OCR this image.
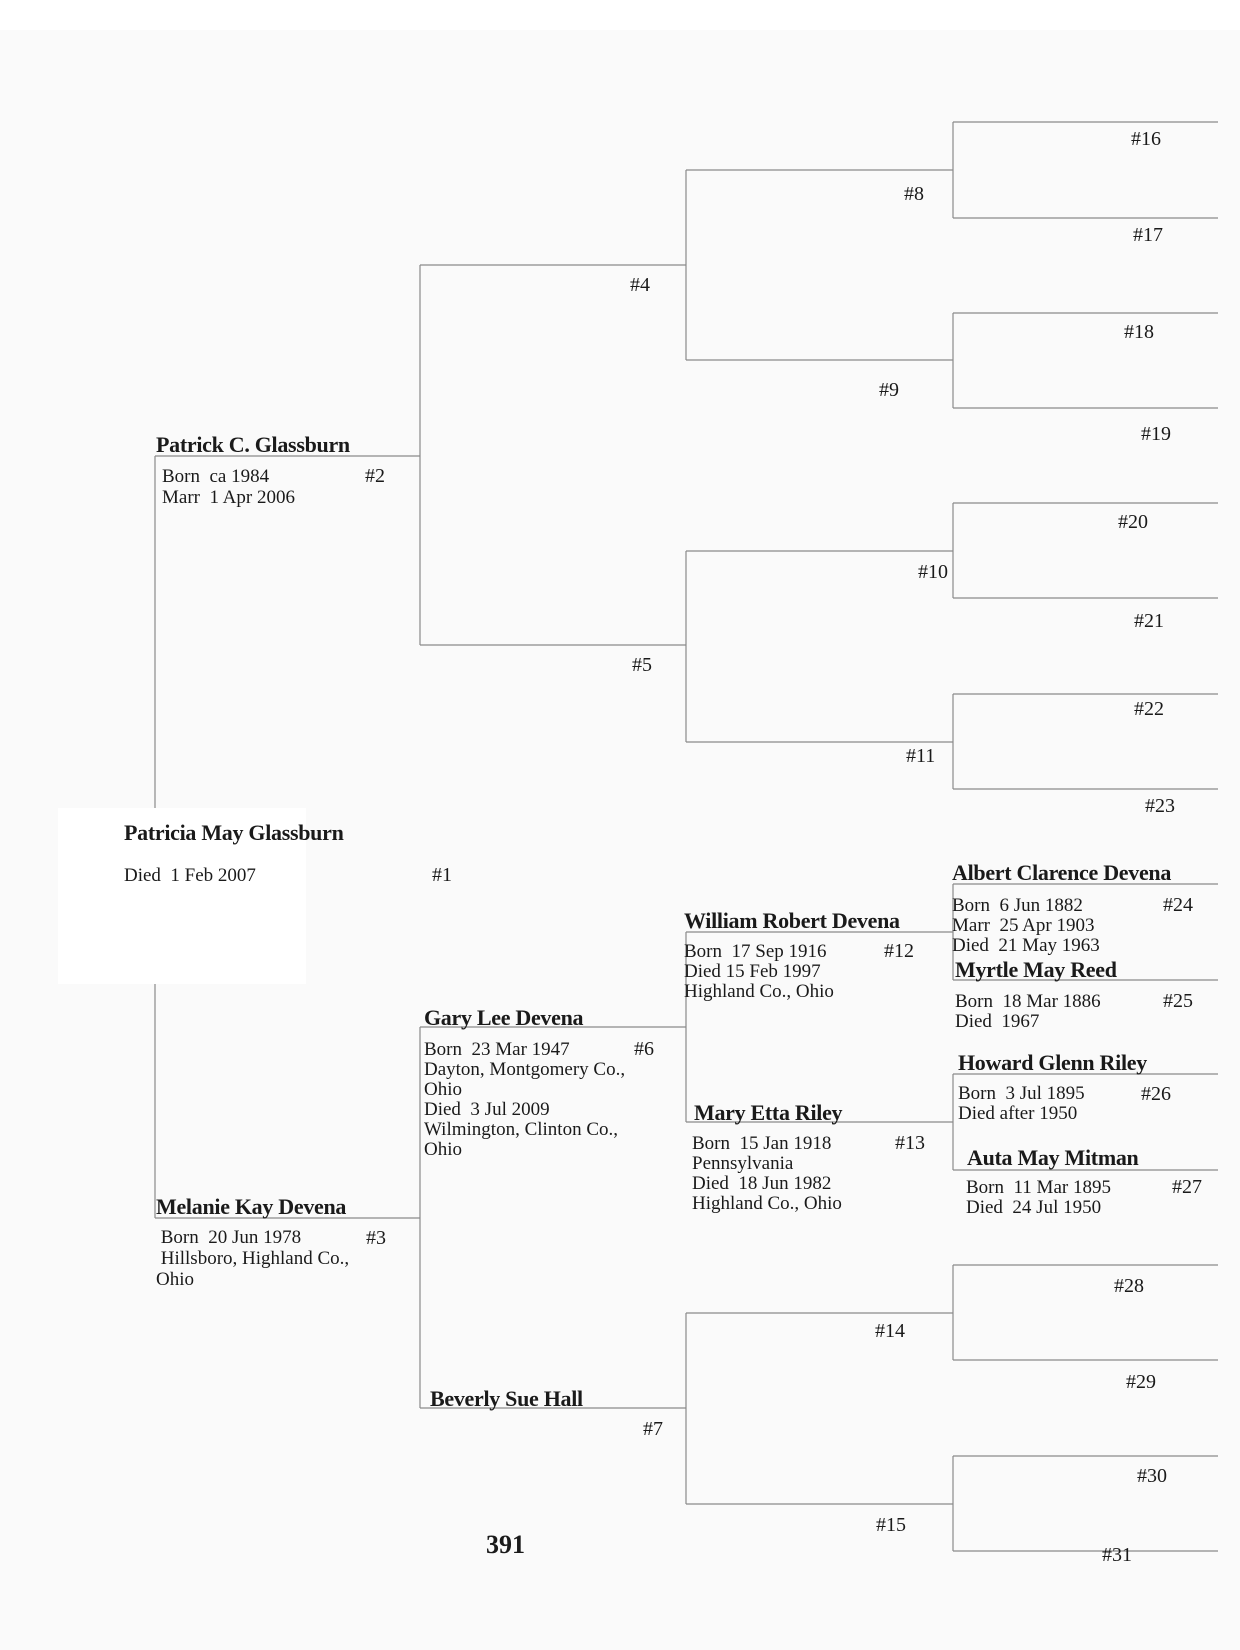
Patricia May Glassburn
Died  1 Feb 2007	#1
Patrick C. Glassburn
Born  ca 1984
Marr  1 Apr 2006
#2
Melanie Kay Devena
Born  20 Jun 1978
Hillsboro, Highland Co.,
Ohio
#3
#4
#5
Gary Lee Devena
Born  23 Mar 1947
Dayton, Montgomery Co.,
Ohio
Died  3 Jul 2009
Wilmington, Clinton Co.,
Ohio
#6
Beverly Sue Hall
#7
#8
#9
#10
#11
William Robert Devena
Born  17 Sep 1916
Died 15 Feb 1997
Highland Co., Ohio
#12
Mary Etta Riley
Born  15 Jan 1918
Pennsylvania
Died  18 Jun 1982
Highland Co., Ohio
#13
#14
#15
#16
#17
#18
#19
#20
#21
#22
#23
Albert Clarence Devena
Born  6 Jun 1882
Marr  25 Apr 1903
Died  21 May 1963
#24
Myrtle May Reed
Born  18 Mar 1886
Died  1967
#25
Howard Glenn Riley
Born  3 Jul 1895
Died after 1950
#26
Auta May Mitman
Born  11 Mar 1895
Died  24 Jul 1950
#27
#28
#29
#30
#31
391
